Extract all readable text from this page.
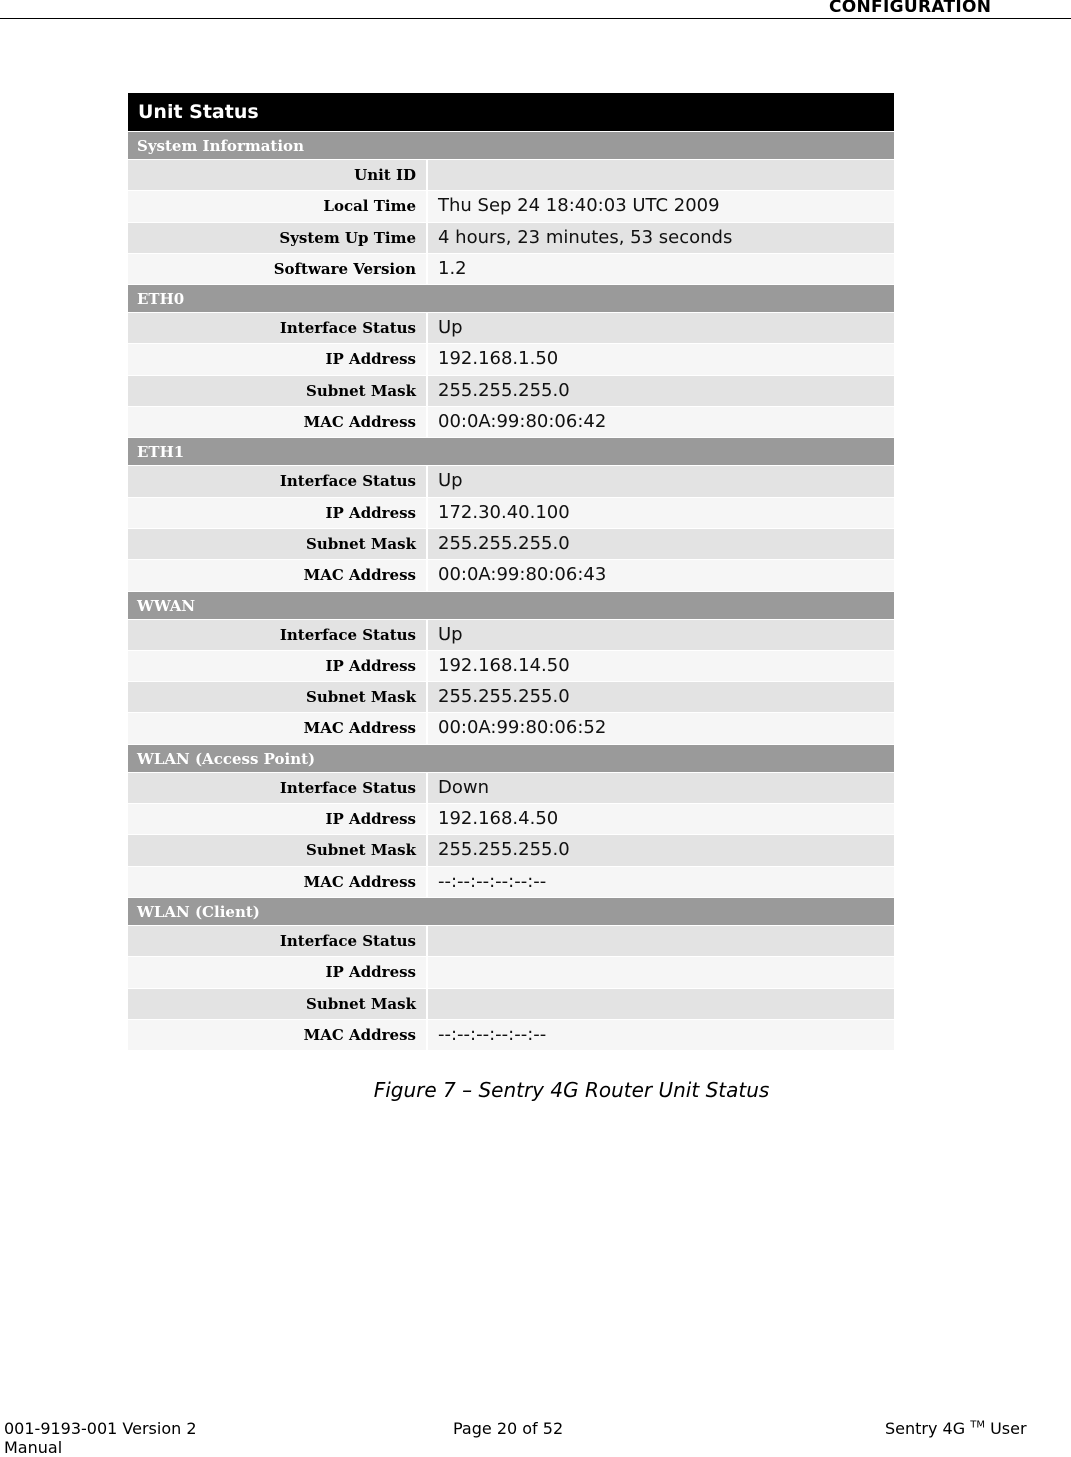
CONFIGURATION
Unit Status
System Information
Unit ID
Local Time	Thu Sep 24 18:40:03 UTC 2009
System Up Time	4 hours, 23 minutes, 53 seconds
Software Version	1.2
ETH0
Interface Status	Up
IP Address	192.168.1.50
Subnet Mask	255.255.255.0
MAC Address	00:0A:99:80:06:42
ETH1
Interface Status	Up
IP Address	172.30.40.100
Subnet Mask	255.255.255.0
MAC Address	00:0A:99:80:06:43
WWAN
Interface Status	Up
IP Address	192.168.14.50
Subnet Mask	255.255.255.0
MAC Address	00:0A:99:80:06:52
WLAN (Access Point)
Interface Status	Down
IP Address	192.168.4.50
Subnet Mask	255.255.255.0
MAC Address	--:--:--:--:--:--
WLAN (Client)
Interface Status
IP Address
Subnet Mask
MAC Address	--:--:--:--:--:--
Figure 7 – Sentry 4G Router Unit Status
001-9193-001 Version 2	Page 20 of 52	Sentry 4G ™ User
Manual
